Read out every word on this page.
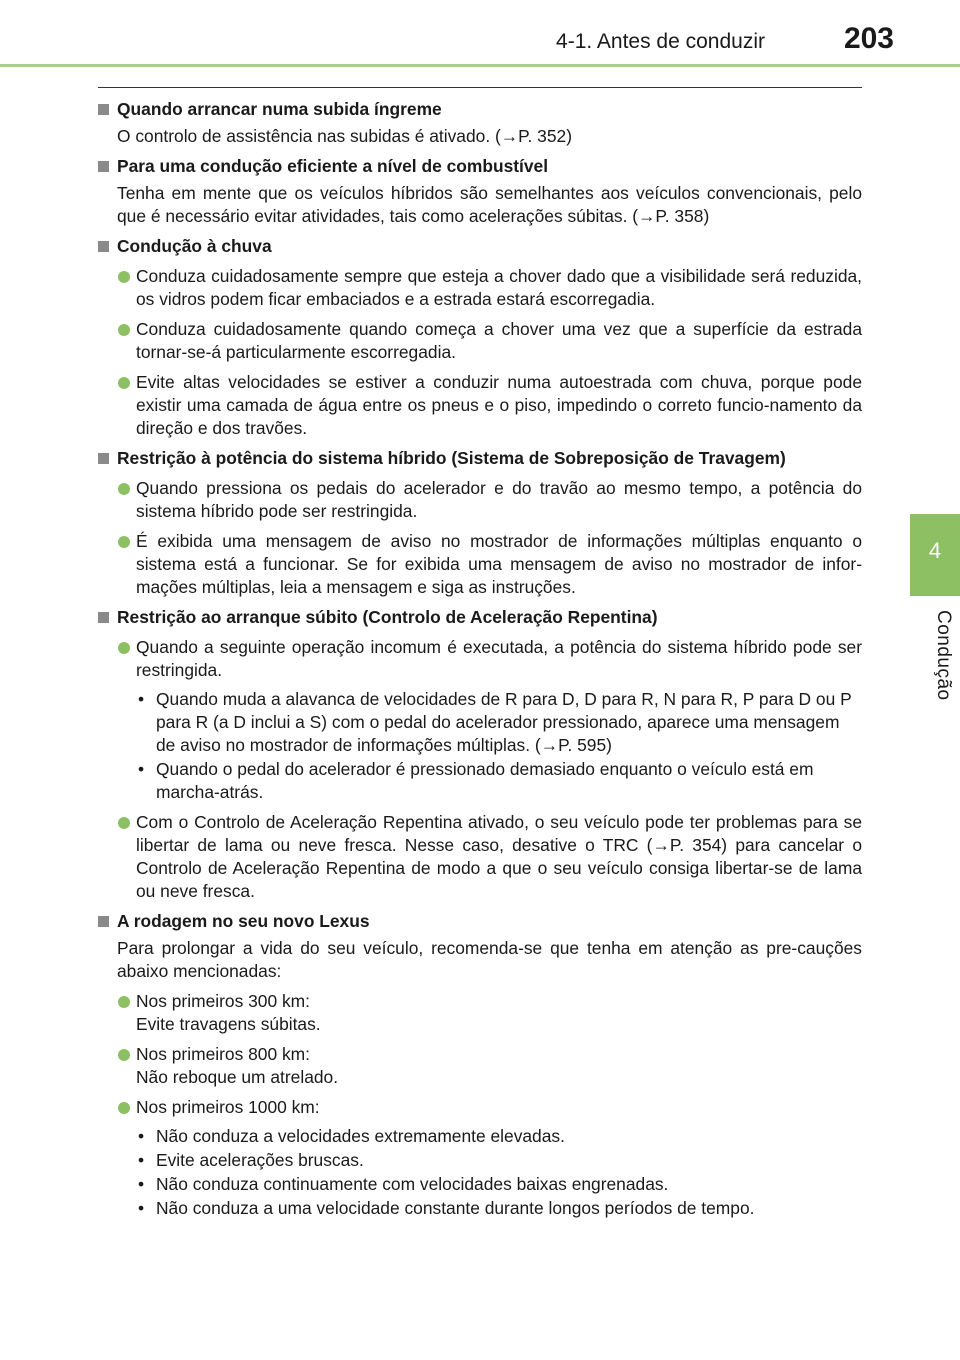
4-1. Antes de conduzir	203
4
Condução
Quando arrancar numa subida íngreme
O controlo de assistência nas subidas é ativado. (→P. 352)
Para uma condução eficiente a nível de combustível
Tenha em mente que os veículos híbridos são semelhantes aos veículos convencionais, pelo que é necessário evitar atividades, tais como acelerações súbitas. (→P. 358)
Condução à chuva
Conduza cuidadosamente sempre que esteja a chover dado que a visibilidade será reduzida, os vidros podem ficar embaciados e a estrada estará escorregadia.
Conduza cuidadosamente quando começa a chover uma vez que a superfície da estrada tornar-se-á particularmente escorregadia.
Evite altas velocidades se estiver a conduzir numa autoestrada com chuva, porque pode existir uma camada de água entre os pneus e o piso, impedindo o correto funcio-namento da direção e dos travões.
Restrição à potência do sistema híbrido (Sistema de Sobreposição de Travagem)
Quando pressiona os pedais do acelerador e do travão ao mesmo tempo, a potência do sistema híbrido pode ser restringida.
É exibida uma mensagem de aviso no mostrador de informações múltiplas enquanto o sistema está a funcionar. Se for exibida uma mensagem de aviso no mostrador de infor-mações múltiplas, leia a mensagem e siga as instruções.
Restrição ao arranque súbito (Controlo de Aceleração Repentina)
Quando a seguinte operação incomum é executada, a potência do sistema híbrido pode ser restringida.
• Quando muda a alavanca de velocidades de R para D, D para R, N para R, P para D ou P para R (a D inclui a S) com o pedal do acelerador pressionado, aparece uma mensagem de aviso no mostrador de informações múltiplas. (→P. 595)
• Quando o pedal do acelerador é pressionado demasiado enquanto o veículo está em marcha-atrás.
Com o Controlo de Aceleração Repentina ativado, o seu veículo pode ter problemas para se libertar de lama ou neve fresca. Nesse caso, desative o TRC (→P. 354) para cancelar o Controlo de Aceleração Repentina de modo a que o seu veículo consiga libertar-se de lama ou neve fresca.
A rodagem no seu novo Lexus
Para prolongar a vida do seu veículo, recomenda-se que tenha em atenção as pre-cauções abaixo mencionadas:
Nos primeiros 300 km:
Evite travagens súbitas.
Nos primeiros 800 km:
Não reboque um atrelado.
Nos primeiros 1000 km:
• Não conduza a velocidades extremamente elevadas.
• Evite acelerações bruscas.
• Não conduza continuamente com velocidades baixas engrenadas.
• Não conduza a uma velocidade constante durante longos períodos de tempo.
